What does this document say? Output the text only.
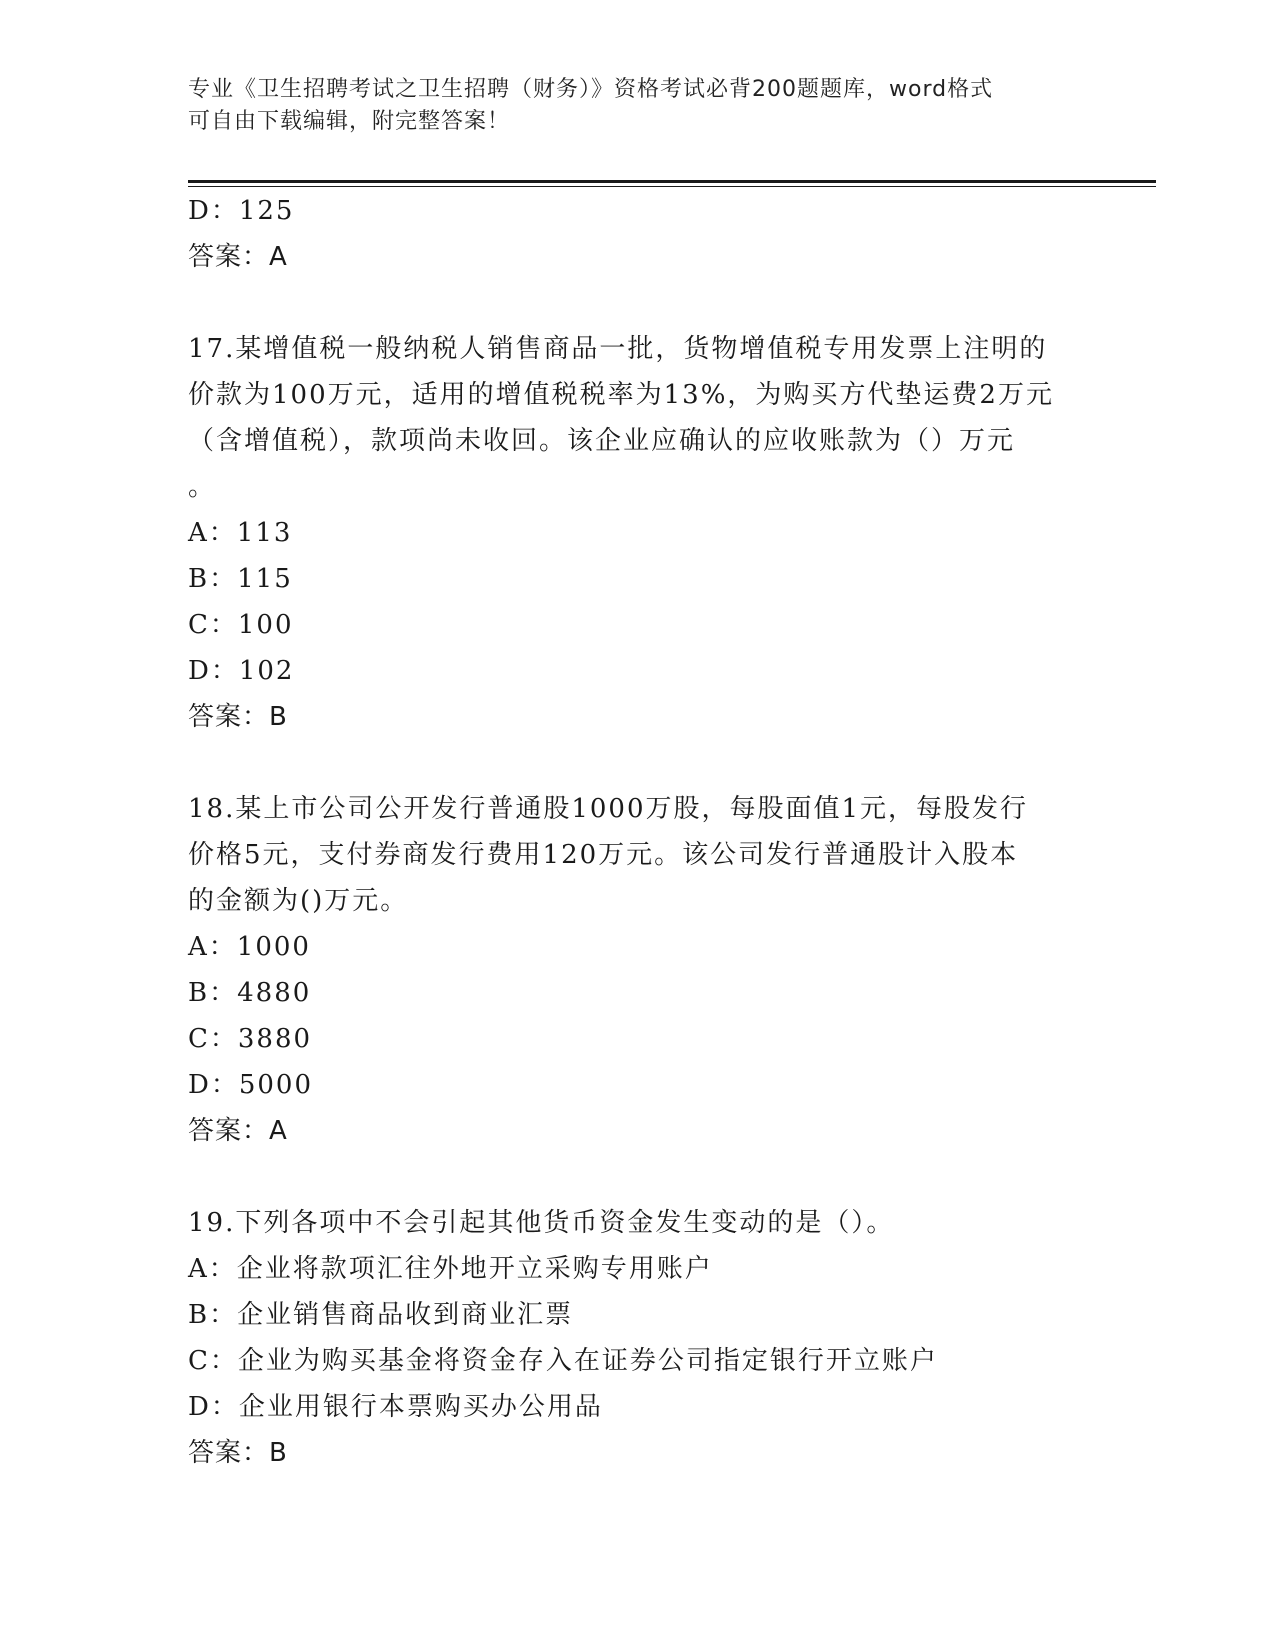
专业《卫生招聘考试之卫生招聘（财务）》资格考试必背200题题库，word格式
可自由下载编辑，附完整答案！
D：125
答案：A
17.某增值税一般纳税人销售商品一批，货物增值税专用发票上注明的
价款为100万元，适用的增值税税率为13%，为购买方代垫运费2万元
（含增值税），款项尚未收回。该企业应确认的应收账款为（）万元
。
A：113
B：115
C：100
D：102
答案：B
18.某上市公司公开发行普通股1000万股，每股面值1元，每股发行
价格5元，支付券商发行费用120万元。该公司发行普通股计入股本
的金额为()万元。
A：1000
B：4880
C：3880
D：5000
答案：A
19.下列各项中不会引起其他货币资金发生变动的是（）。
A：企业将款项汇往外地开立采购专用账户
B：企业销售商品收到商业汇票
C：企业为购买基金将资金存入在证券公司指定银行开立账户
D：企业用银行本票购买办公用品
答案：B
